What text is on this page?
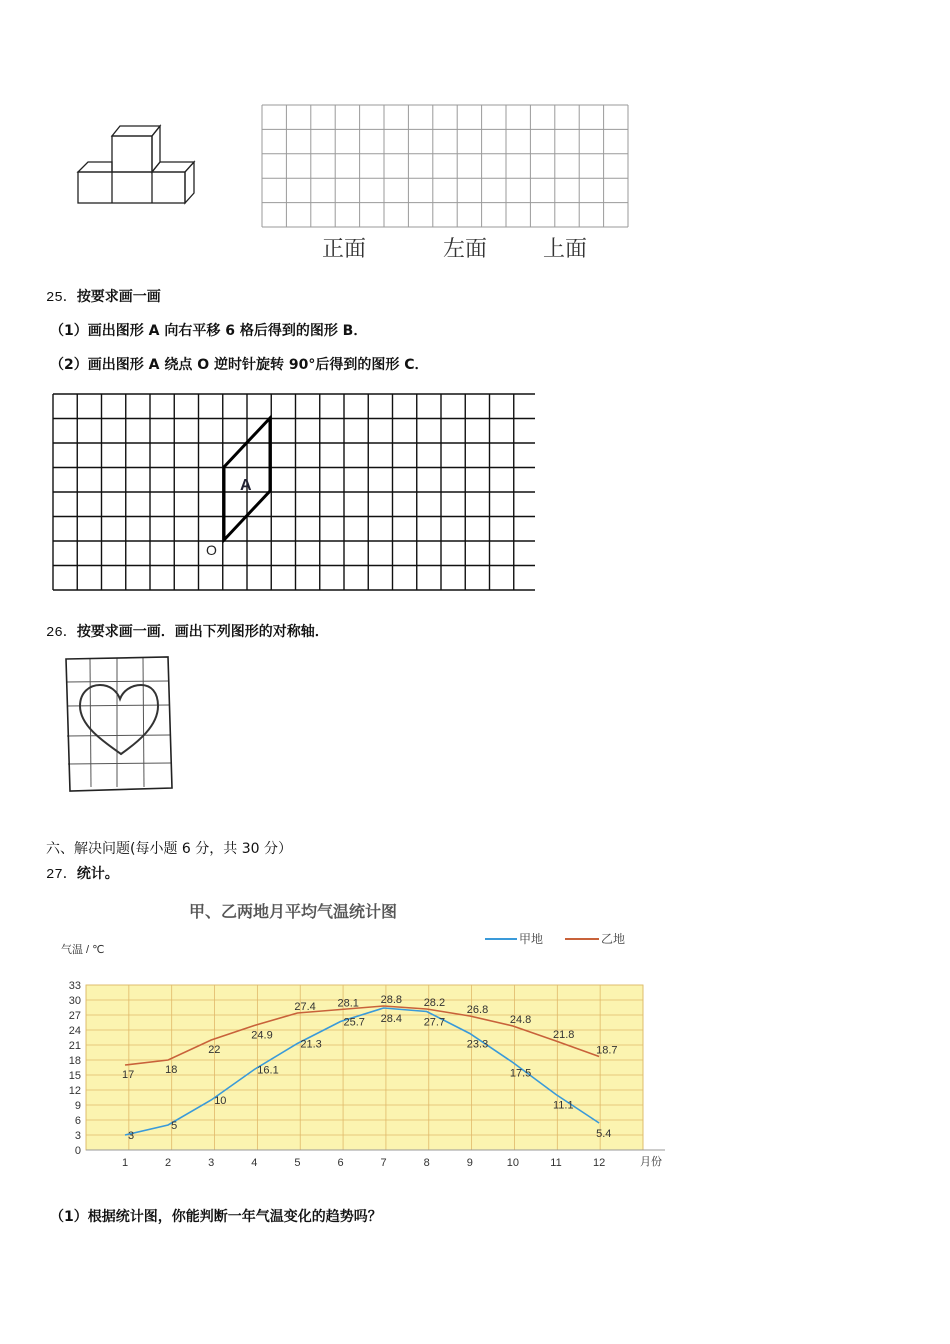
正面	左面	上面
25．按要求画一画
（1）画出图形 A 向右平移 6 格后得到的图形 B．
（2）画出图形 A 绕点 O 逆时针旋转 90°后得到的图形 C．
A
O
26．按要求画一画．画出下列图形的对称轴．
六、解决问题(每小题 6 分，共 30 分）
27．统计。
甲、乙两地月平均气温统计图
气温 / ℃
月份
甲地	乙地
0
3
6
9
12
15
18
21
24
27
30
33
1	2	3	4	5	6	7	8	9	10	11	12
3
5
10
16.1
21.3
25.7 28.4 27.7
23.3
17.5
11.1
5.4
17	18
22
24.9
27.4 28.1 28.8 28.2
26.8
24.8
21.8
18.7
（1）根据统计图，你能判断一年气温变化的趋势吗？
